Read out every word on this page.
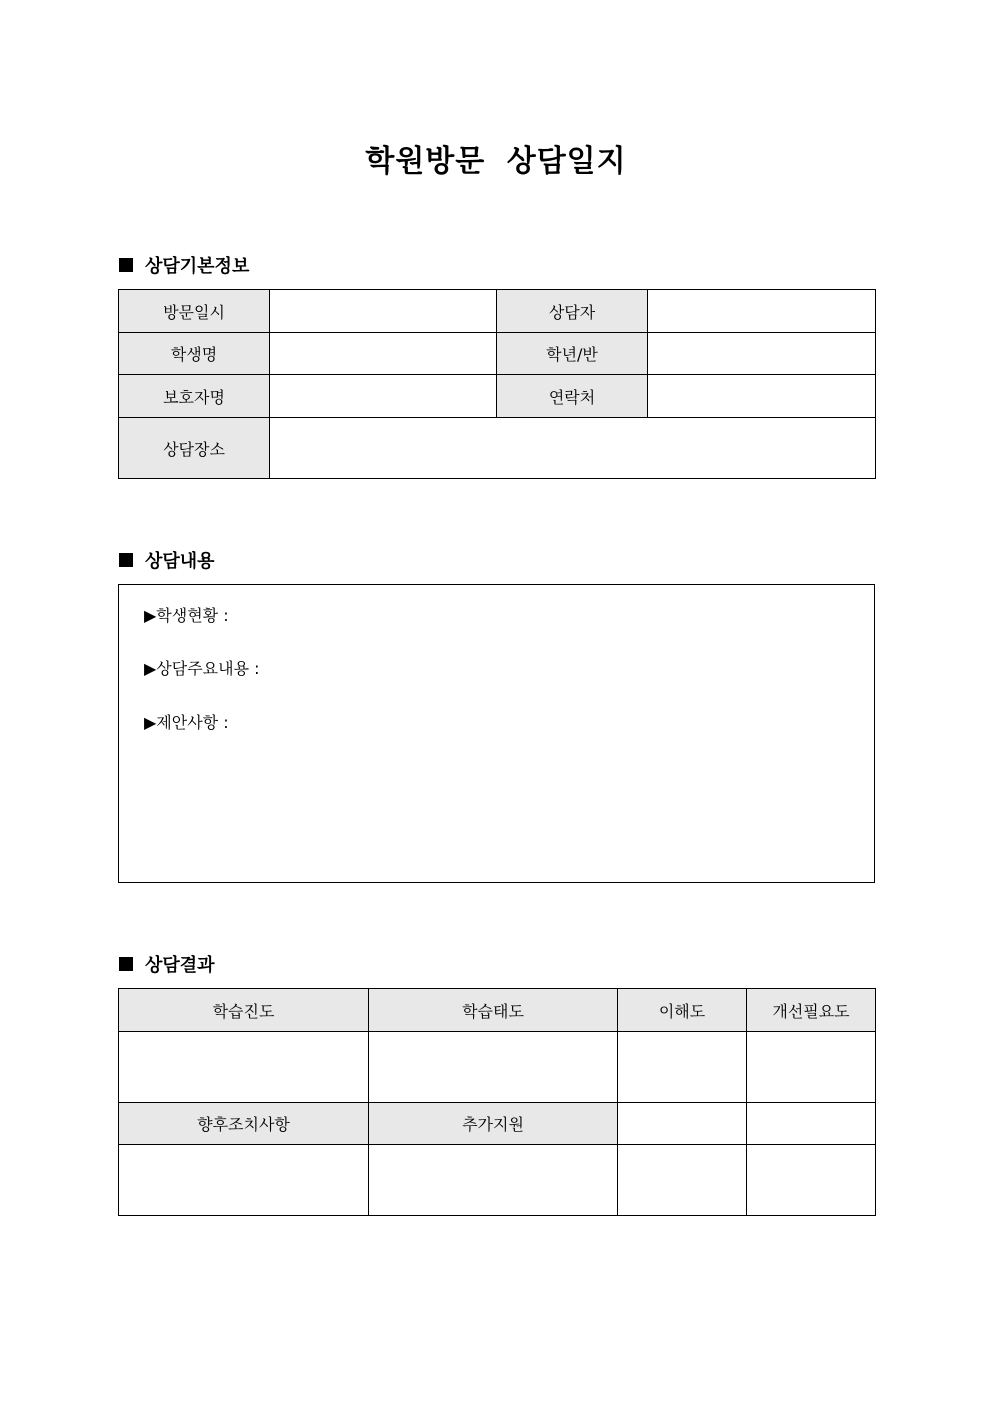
학원방문 상담일지
상담기본정보
방문일시		상담자	
학생명		학년/반	
보호자명		연락처	
상담장소			
상담내용
▶학생현황 :
▶상담주요내용 :
▶제안사항 :
상담결과
학습진도	학습태도	이해도	개선필요도

향후조치사항	추가지원		
